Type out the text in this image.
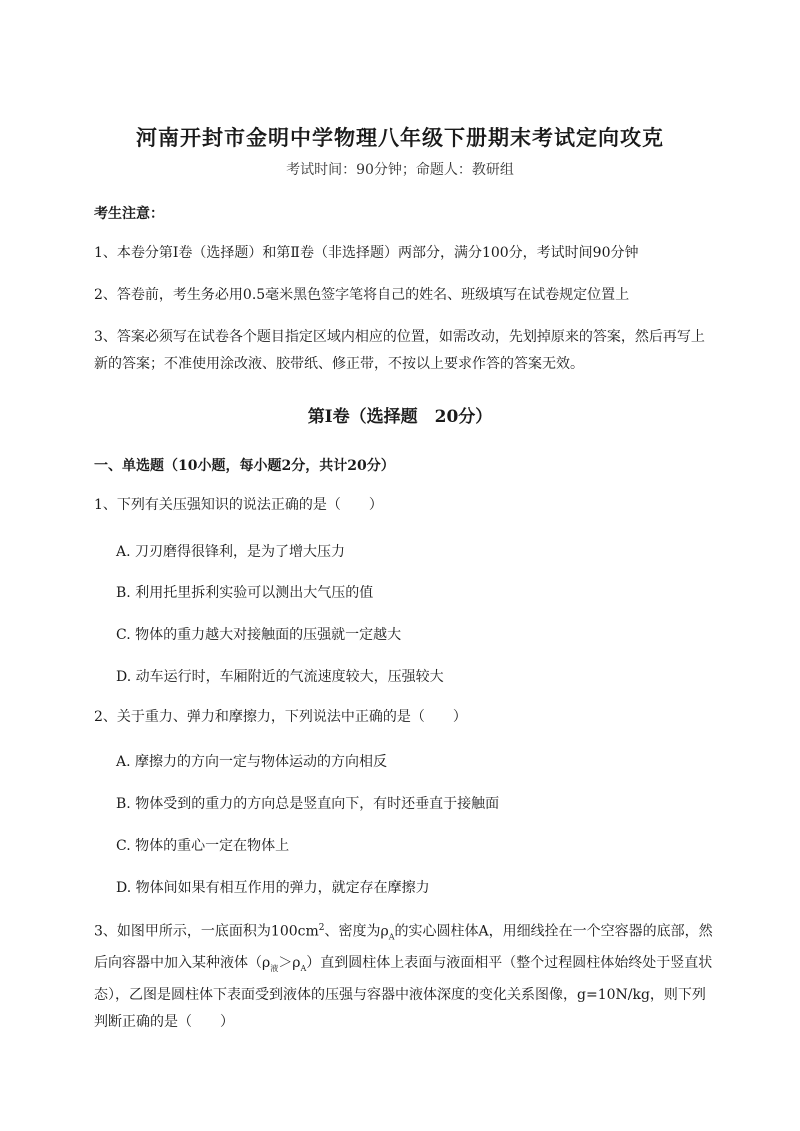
河南开封市金明中学物理八年级下册期末考试定向攻克
考试时间：90分钟；命题人：教研组
考生注意：
1、本卷分第I卷（选择题）和第Ⅱ卷（非选择题）两部分，满分100分，考试时间90分钟
2、答卷前，考生务必用0.5毫米黑色签字笔将自己的姓名、班级填写在试卷规定位置上
3、答案必须写在试卷各个题目指定区域内相应的位置，如需改动，先划掉原来的答案，然后再写上新的答案；不准使用涂改液、胶带纸、修正带，不按以上要求作答的答案无效。
第I卷（选择题　20分）
一、单选题（10小题，每小题2分，共计20分）
1、下列有关压强知识的说法正确的是（　　）
A. 刀刃磨得很锋利，是为了增大压力
B. 利用托里拆利实验可以测出大气压的值
C. 物体的重力越大对接触面的压强就一定越大
D. 动车运行时，车厢附近的气流速度较大，压强较大
2、关于重力、弹力和摩擦力，下列说法中正确的是（　　）
A. 摩擦力的方向一定与物体运动的方向相反
B. 物体受到的重力的方向总是竖直向下，有时还垂直于接触面
C. 物体的重心一定在物体上
D. 物体间如果有相互作用的弹力，就定存在摩擦力
3、如图甲所示，一底面积为$100cm^2$、密度为$\rho_A$的实心圆柱体A，用细线拴在一个空容器的底部，然后向容器中加入某种液体$(\rho_液>\rho_A)$直到圆柱体上表面与液面相平（整个过程圆柱体始终处于竖直状态），乙图是圆柱体下表面受到液体的压强与容器中液体深度的变化关系图像，g=10N/kg，则下列判断正确的是（　　）
